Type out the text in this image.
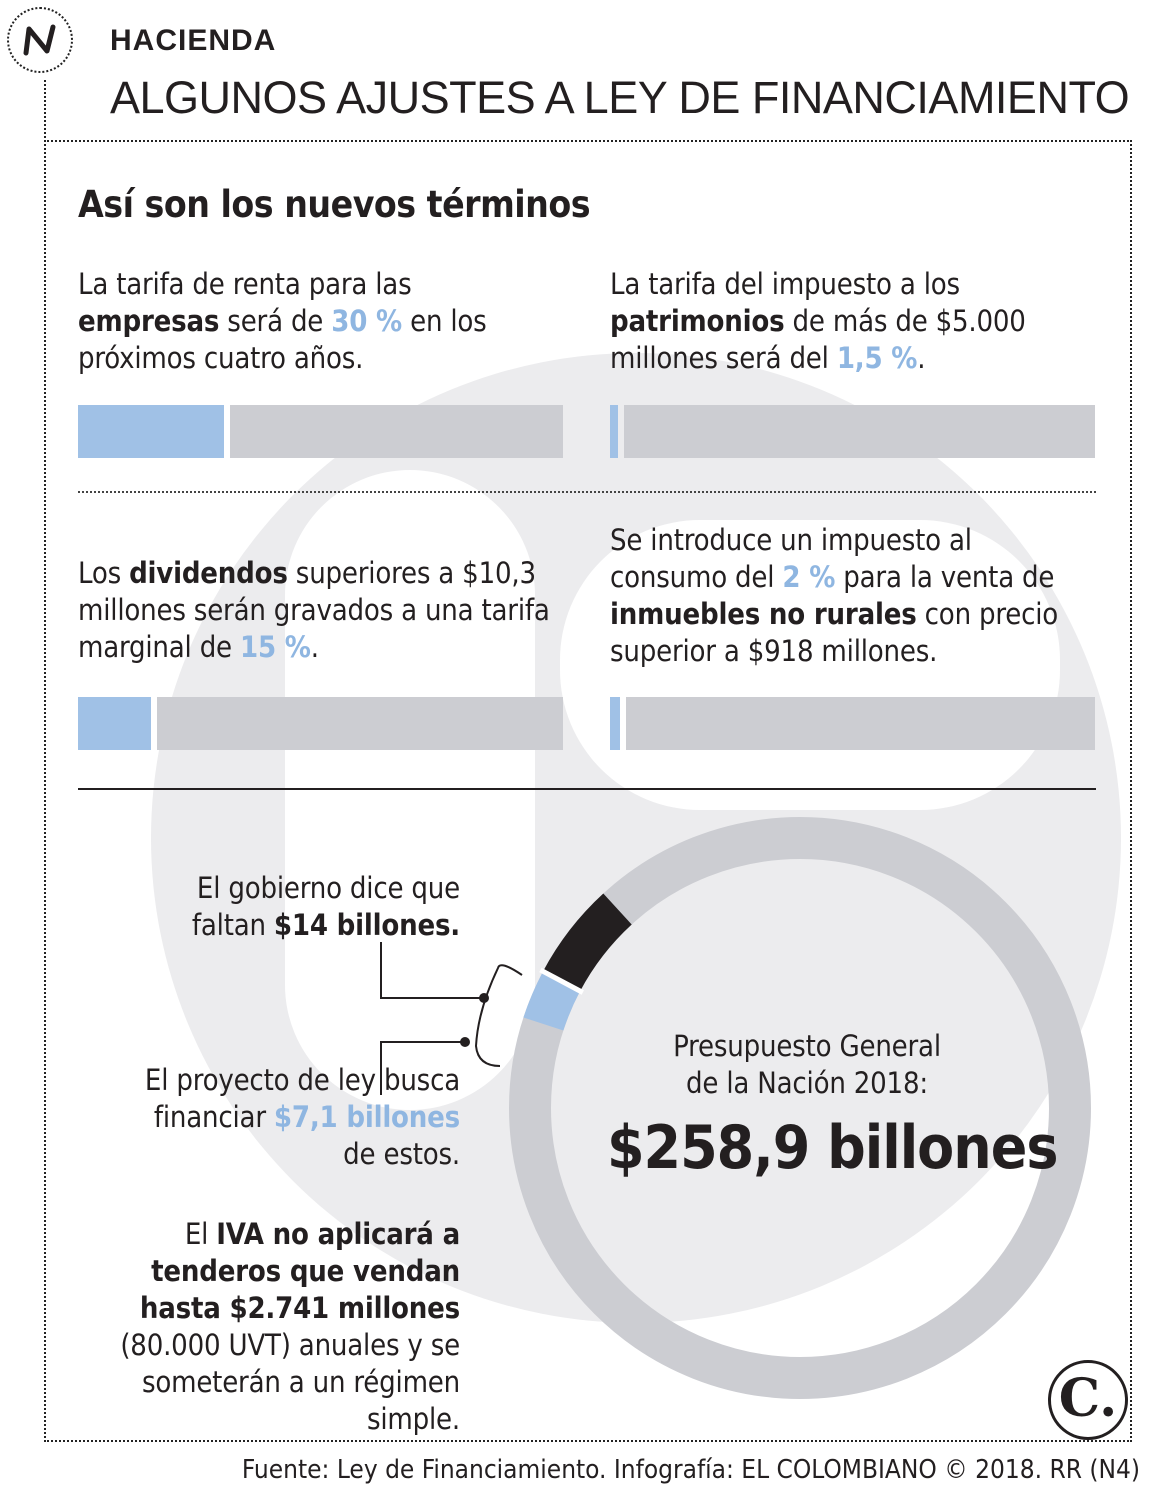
HACIENDA
ALGUNOS AJUSTES A LEY DE FINANCIAMIENTO
Así son los nuevos términos
La tarifa de renta para las empresas será de 30 % en los próximos cuatro años.
La tarifa del impuesto a los patrimonios de más de $5.000 millones será del 1,5 %.
Los dividendos superiores a $10,3 millones serán gravados a una tarifa marginal de 15 %.
Se introduce un impuesto al consumo del 2 % para la venta de inmuebles no rurales con precio superior a $918 millones.
El gobierno dice que faltan $14 billones.
El proyecto de ley busca financiar $7,1 billones de estos.
Presupuesto General de la Nación 2018:
$258,9 billones
El IVA no aplicará a tenderos que vendan hasta $2.741 millones (80.000 UVT) anuales y se someterán a un régimen simple.	C.
Fuente: Ley de Financiamiento. Infografía: EL COLOMBIANO © 2018. RR (N4)
